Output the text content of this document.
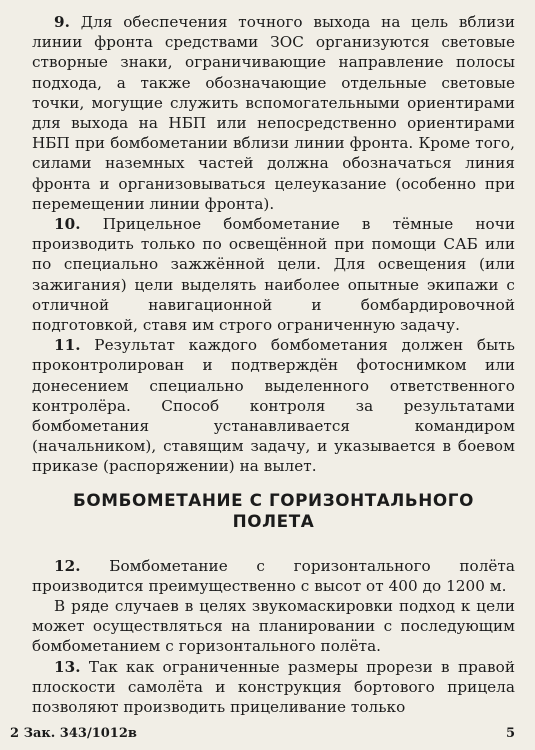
9. Для обеспечения точного выхода на цель вблизи линии фронта средствами ЗОС организуются световые створные знаки, ограничивающие направление полосы подхода, а также обозначающие отдельные световые точки, могущие служить вспомогательными ориентирами для выхода на НБП или непосредственно ориентирами НБП при бомбометании вблизи линии фронта. Кроме того, силами наземных частей должна обозначаться линия фронта и организовываться целеуказание (особенно при перемещении линии фронта).

10. Прицельное бомбометание в тёмные ночи производить только по освещённой при помощи САБ или по специально зажжённой цели. Для освещения (или зажигания) цели выделять наиболее опытные экипажи с отличной навигационной и бомбардировочной подготовкой, ставя им строго ограниченную задачу.

11. Результат каждого бомбометания должен быть проконтролирован и подтверждён фотоснимком или донесением специально выделенного ответственного контролёра. Способ контроля за результатами бомбометания устанавливается командиром (начальником), ставящим задачу, и указывается в боевом приказе (распоряжении) на вылет.

БОМБОМЕТАНИЕ С ГОРИЗОНТАЛЬНОГО
ПОЛЕТА

12. Бомбометание с горизонтального полёта производится преимущественно с высот от 400 до 1200 м.

В ряде случаев в целях звукомаскировки подход к цели может осуществляться на планировании с последующим бомбометанием с горизонтального полёта.

13. Так как ограниченные размеры прорези в правой плоскости самолёта и конструкция бортового прицела позволяют производить прицеливание только

2 Зак. 343/1012в	5
